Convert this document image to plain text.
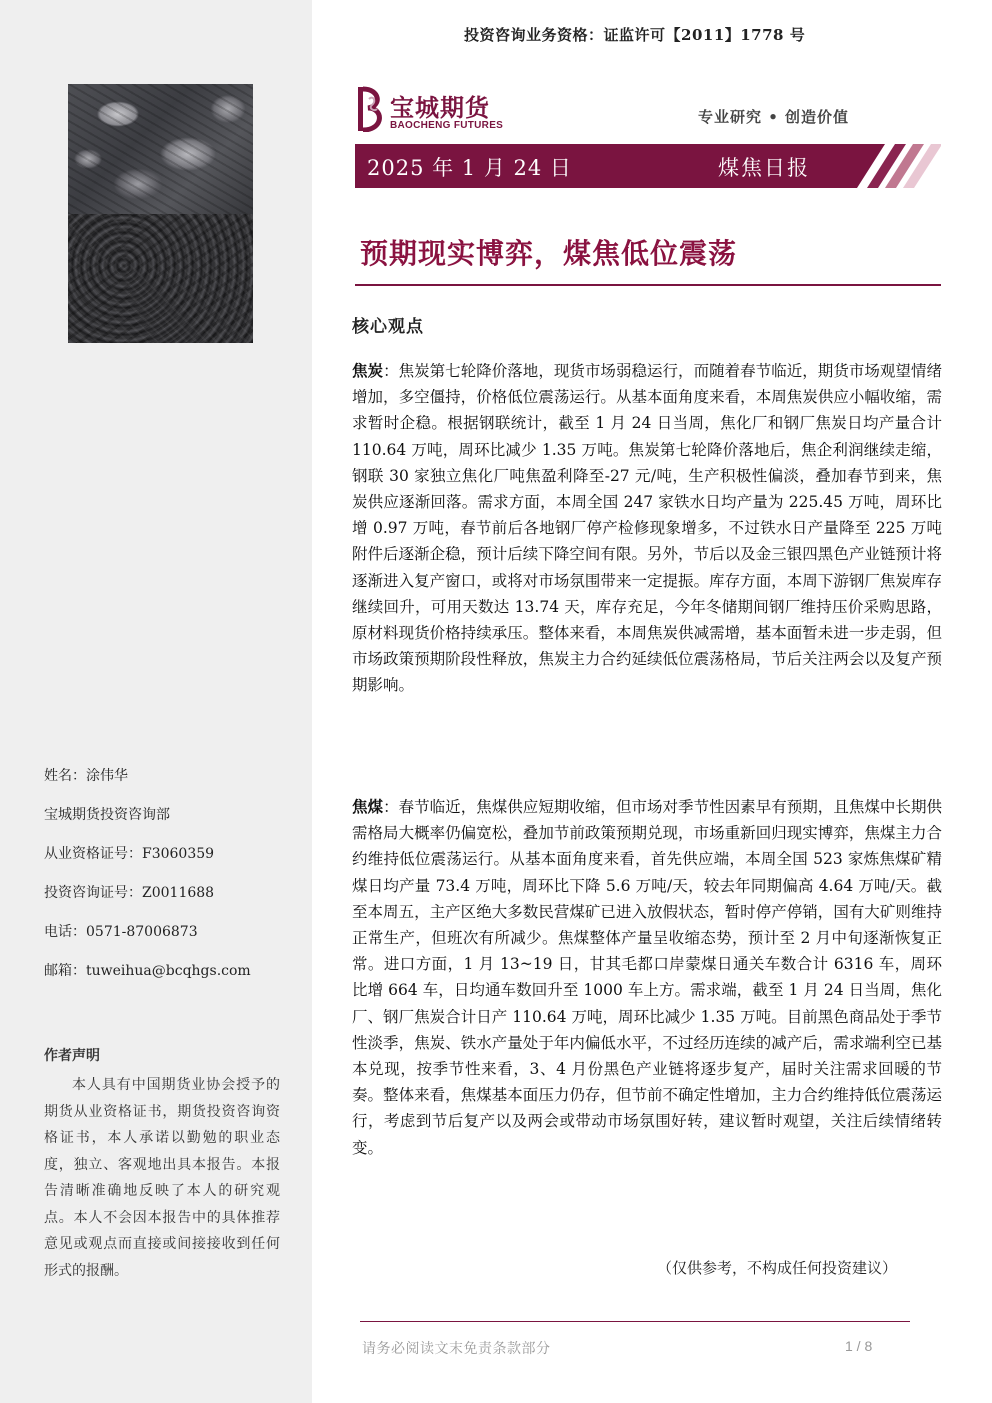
姓名：涂伟华
宝城期货投资咨询部
从业资格证号：F3060359
投资咨询证号：Z0011688
电话：0571-87006873
邮箱：tuweihua@bcqhgs.com
作者声明
本人具有中国期货业协会授予的期货从业资格证书，期货投资咨询资格证书，本人承诺以勤勉的职业态度，独立、客观地出具本报告。本报告清晰准确地反映了本人的研究观点。本人不会因本报告中的具体推荐意见或观点而直接或间接接收到任何形式的报酬。
投资咨询业务资格：证监许可【2011】1778 号
宝城期货
BAOCHENG FUTURES	专业研究 • 创造价值
2025 年 1 月 24 日	煤焦日报
预期现实博弈，煤焦低位震荡
核心观点
焦炭：焦炭第七轮降价落地，现货市场弱稳运行，而随着春节临近，期货市场观望情绪增加，多空僵持，价格低位震荡运行。从基本面角度来看，本周焦炭供应小幅收缩，需求暂时企稳。根据钢联统计，截至 1 月 24 日当周，焦化厂和钢厂焦炭日均产量合计 110.64 万吨，周环比减少 1.35 万吨。焦炭第七轮降价落地后，焦企利润继续走缩，钢联 30 家独立焦化厂吨焦盈利降至-27 元/吨，生产积极性偏淡，叠加春节到来，焦炭供应逐渐回落。需求方面，本周全国 247 家铁水日均产量为 225.45 万吨，周环比增 0.97 万吨，春节前后各地钢厂停产检修现象增多，不过铁水日产量降至 225 万吨附件后逐渐企稳，预计后续下降空间有限。另外，节后以及金三银四黑色产业链预计将逐渐进入复产窗口，或将对市场氛围带来一定提振。库存方面，本周下游钢厂焦炭库存继续回升，可用天数达 13.74 天，库存充足，今年冬储期间钢厂维持压价采购思路，原材料现货价格持续承压。整体来看，本周焦炭供减需增，基本面暂未进一步走弱，但市场政策预期阶段性释放，焦炭主力合约延续低位震荡格局，节后关注两会以及复产预期影响。
焦煤：春节临近，焦煤供应短期收缩，但市场对季节性因素早有预期，且焦煤中长期供需格局大概率仍偏宽松，叠加节前政策预期兑现，市场重新回归现实博弈，焦煤主力合约维持低位震荡运行。从基本面角度来看，首先供应端，本周全国 523 家炼焦煤矿精煤日均产量 73.4 万吨，周环比下降 5.6 万吨/天，较去年同期偏高 4.64 万吨/天。截至本周五，主产区绝大多数民营煤矿已进入放假状态，暂时停产停销，国有大矿则维持正常生产，但班次有所减少。焦煤整体产量呈收缩态势，预计至 2 月中旬逐渐恢复正常。进口方面，1 月 13~19 日，甘其毛都口岸蒙煤日通关车数合计 6316 车，周环比增 664 车，日均通车数回升至 1000 车上方。需求端，截至 1 月 24 日当周，焦化厂、钢厂焦炭合计日产 110.64 万吨，周环比减少 1.35 万吨。目前黑色商品处于季节性淡季，焦炭、铁水产量处于年内偏低水平，不过经历连续的减产后，需求端利空已基本兑现，按季节性来看，3、4 月份黑色产业链将逐步复产，届时关注需求回暖的节奏。整体来看，焦煤基本面压力仍存，但节前不确定性增加，主力合约维持低位震荡运行，考虑到节后复产以及两会或带动市场氛围好转，建议暂时观望，关注后续情绪转变。
（仅供参考，不构成任何投资建议）
请务必阅读文末免责条款部分	1 / 8
